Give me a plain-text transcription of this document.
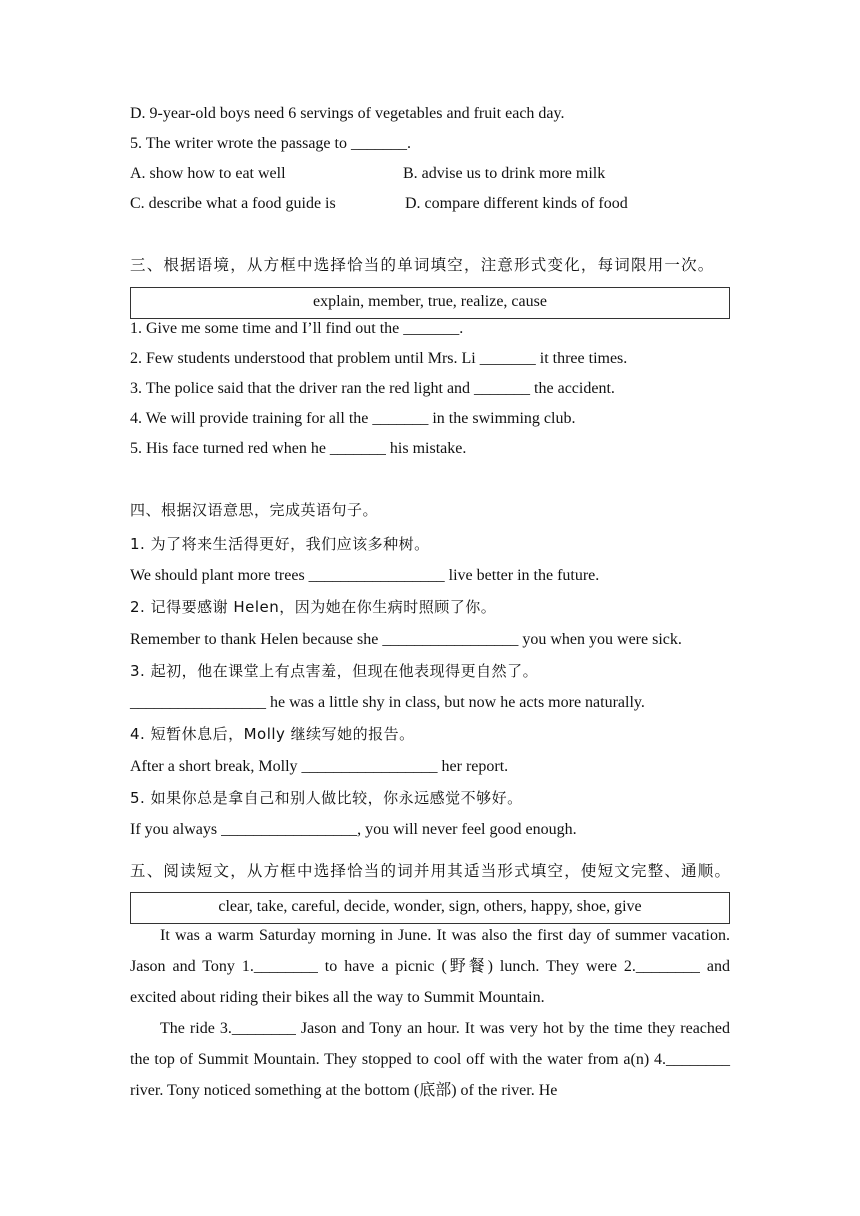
D. 9-year-old boys need 6 servings of vegetables and fruit each day.
5. The writer wrote the passage to _______.
A. show how to eat well	B. advise us to drink more milk
C. describe what a food guide is	D. compare different kinds of food
三、根据语境，从方框中选择恰当的单词填空，注意形式变化，每词限用一次。
explain, member, true, realize, cause
1. Give me some time and I’ll find out the _______.
2. Few students understood that problem until Mrs. Li _______ it three times.
3. The police said that the driver ran the red light and _______ the accident.
4. We will provide training for all the _______ in the swimming club.
5. His face turned red when he _______ his mistake.
四、根据汉语意思，完成英语句子。
1. 为了将来生活得更好，我们应该多种树。
We should plant more trees _________________ live better in the future.
2. 记得要感谢 Helen，因为她在你生病时照顾了你。
Remember to thank Helen because she _________________ you when you were sick.
3. 起初，他在课堂上有点害羞，但现在他表现得更自然了。
_________________ he was a little shy in class, but now he acts more naturally.
4. 短暂休息后，Molly 继续写她的报告。
After a short break, Molly _________________ her report.
5. 如果你总是拿自己和别人做比较，你永远感觉不够好。
If you always _________________, you will never feel good enough.
五、阅读短文，从方框中选择恰当的词并用其适当形式填空，使短文完整、通顺。
clear, take, careful, decide, wonder, sign, others, happy, shoe, give
It was a warm Saturday morning in June. It was also the first day of summer vacation. Jason and Tony 1.________ to have a picnic (野餐) lunch. They were 2.________ and excited about riding their bikes all the way to Summit Mountain.
The ride 3.________ Jason and Tony an hour. It was very hot by the time they reached the top of Summit Mountain. They stopped to cool off with the water from a(n) 4.________ river. Tony noticed something at the bottom (底部) of the river. He
